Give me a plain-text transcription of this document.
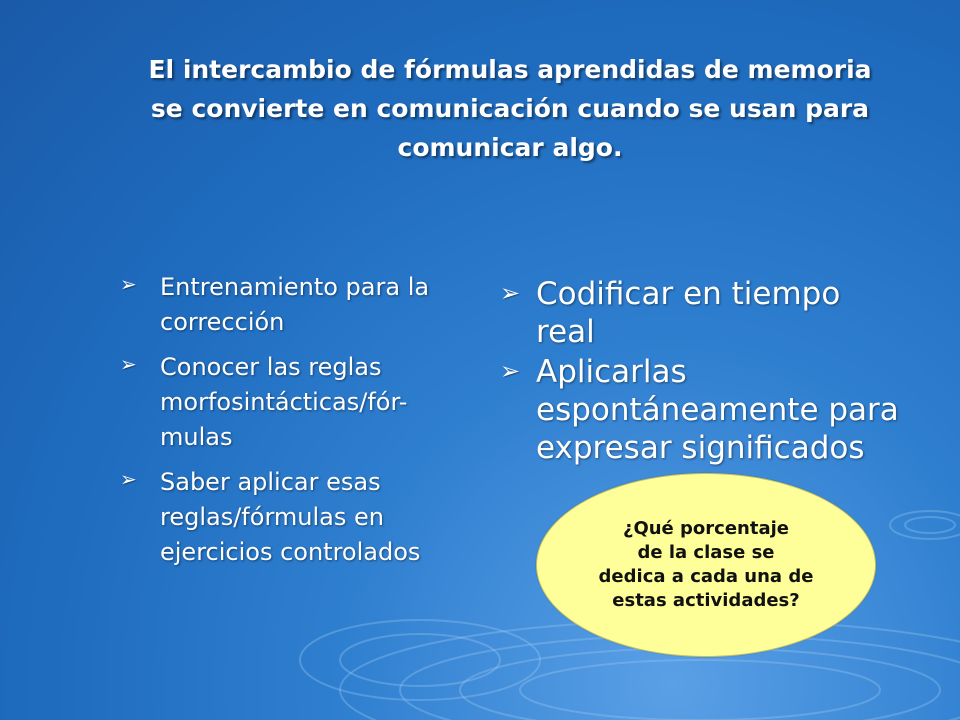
El intercambio de fórmulas aprendidas de memoria se convierte en comunicación cuando se usan para comunicar algo.
➢ Entrenamiento para la corrección
➢ Conocer las reglas morfosintácticas/fór-mulas
➢ Saber aplicar esas reglas/fórmulas en ejercicios controlados
➢ Codificar en tiempo real
➢ Aplicarlas espontáneamente para expresar significados
¿Qué porcentaje
de la clase se
dedica a cada una de
estas actividades?
